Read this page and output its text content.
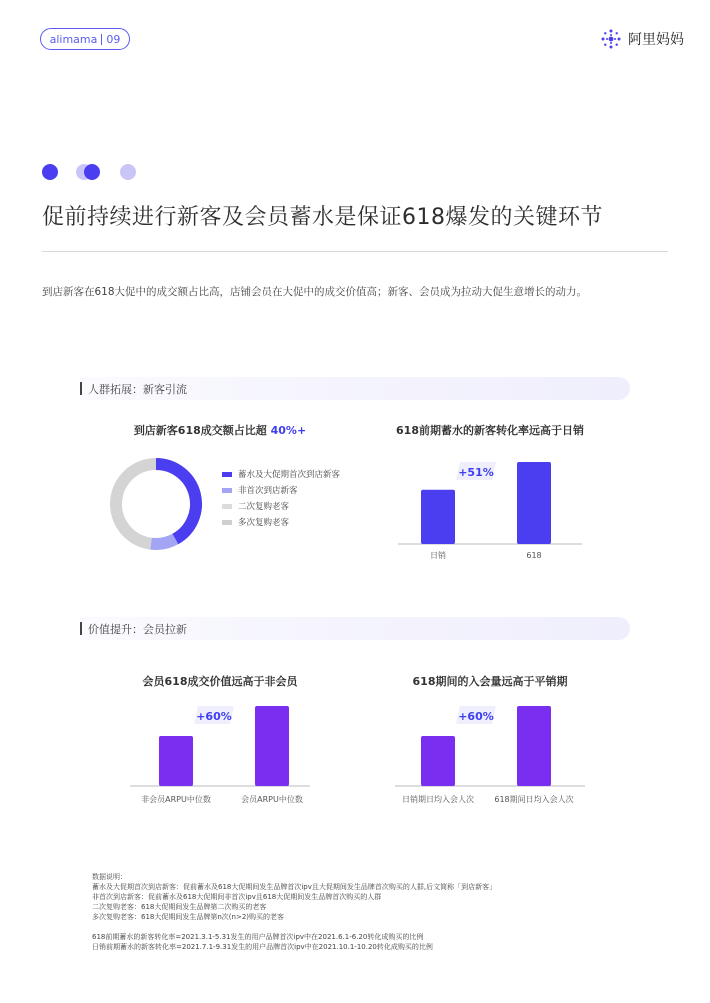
alimama 09	阿里妈妈
促前持续进行新客及会员蓄水是保证618爆发的关键环节
到店新客在618大促中的成交额占比高，店铺会员在大促中的成交价值高；新客、会员成为拉动大促生意增长的动力。
人群拓展：新客引流
到店新客618成交额占比超 40%+
蓄水及大促期首次到店新客
非首次到店新客
二次复购老客
多次复购老客
618前期蓄水的新客转化率远高于日销
日销	618
+51%
价值提升：会员拉新
会员618成交价值远高于非会员
非会员ARPU中位数	会员ARPU中位数
+60%
618期间的入会量远高于平销期
日销期日均入会人次	618期间日均入会人次
+60%
数据说明：
蓄水及大促期首次到店新客：促前蓄水及618大促期间发生品牌首次ipv且大促期间发生品牌首次购买的人群,后文简称「到店新客」
非首次到店新客：促前蓄水及618大促期间非首次ipv且618大促期间发生品牌首次购买的人群
二次复购老客：618大促期间发生品牌第二次购买的老客
多次复购老客：618大促期间发生品牌第n次(n>2)购买的老客

618前期蓄水的新客转化率=2021.3.1-5.31发生的用户品牌首次ipv中在2021.6.1-6.20转化成购买的比例
日销前期蓄水的新客转化率=2021.7.1-9.31发生的用户品牌首次ipv中在2021.10.1-10.20转化成购买的比例
